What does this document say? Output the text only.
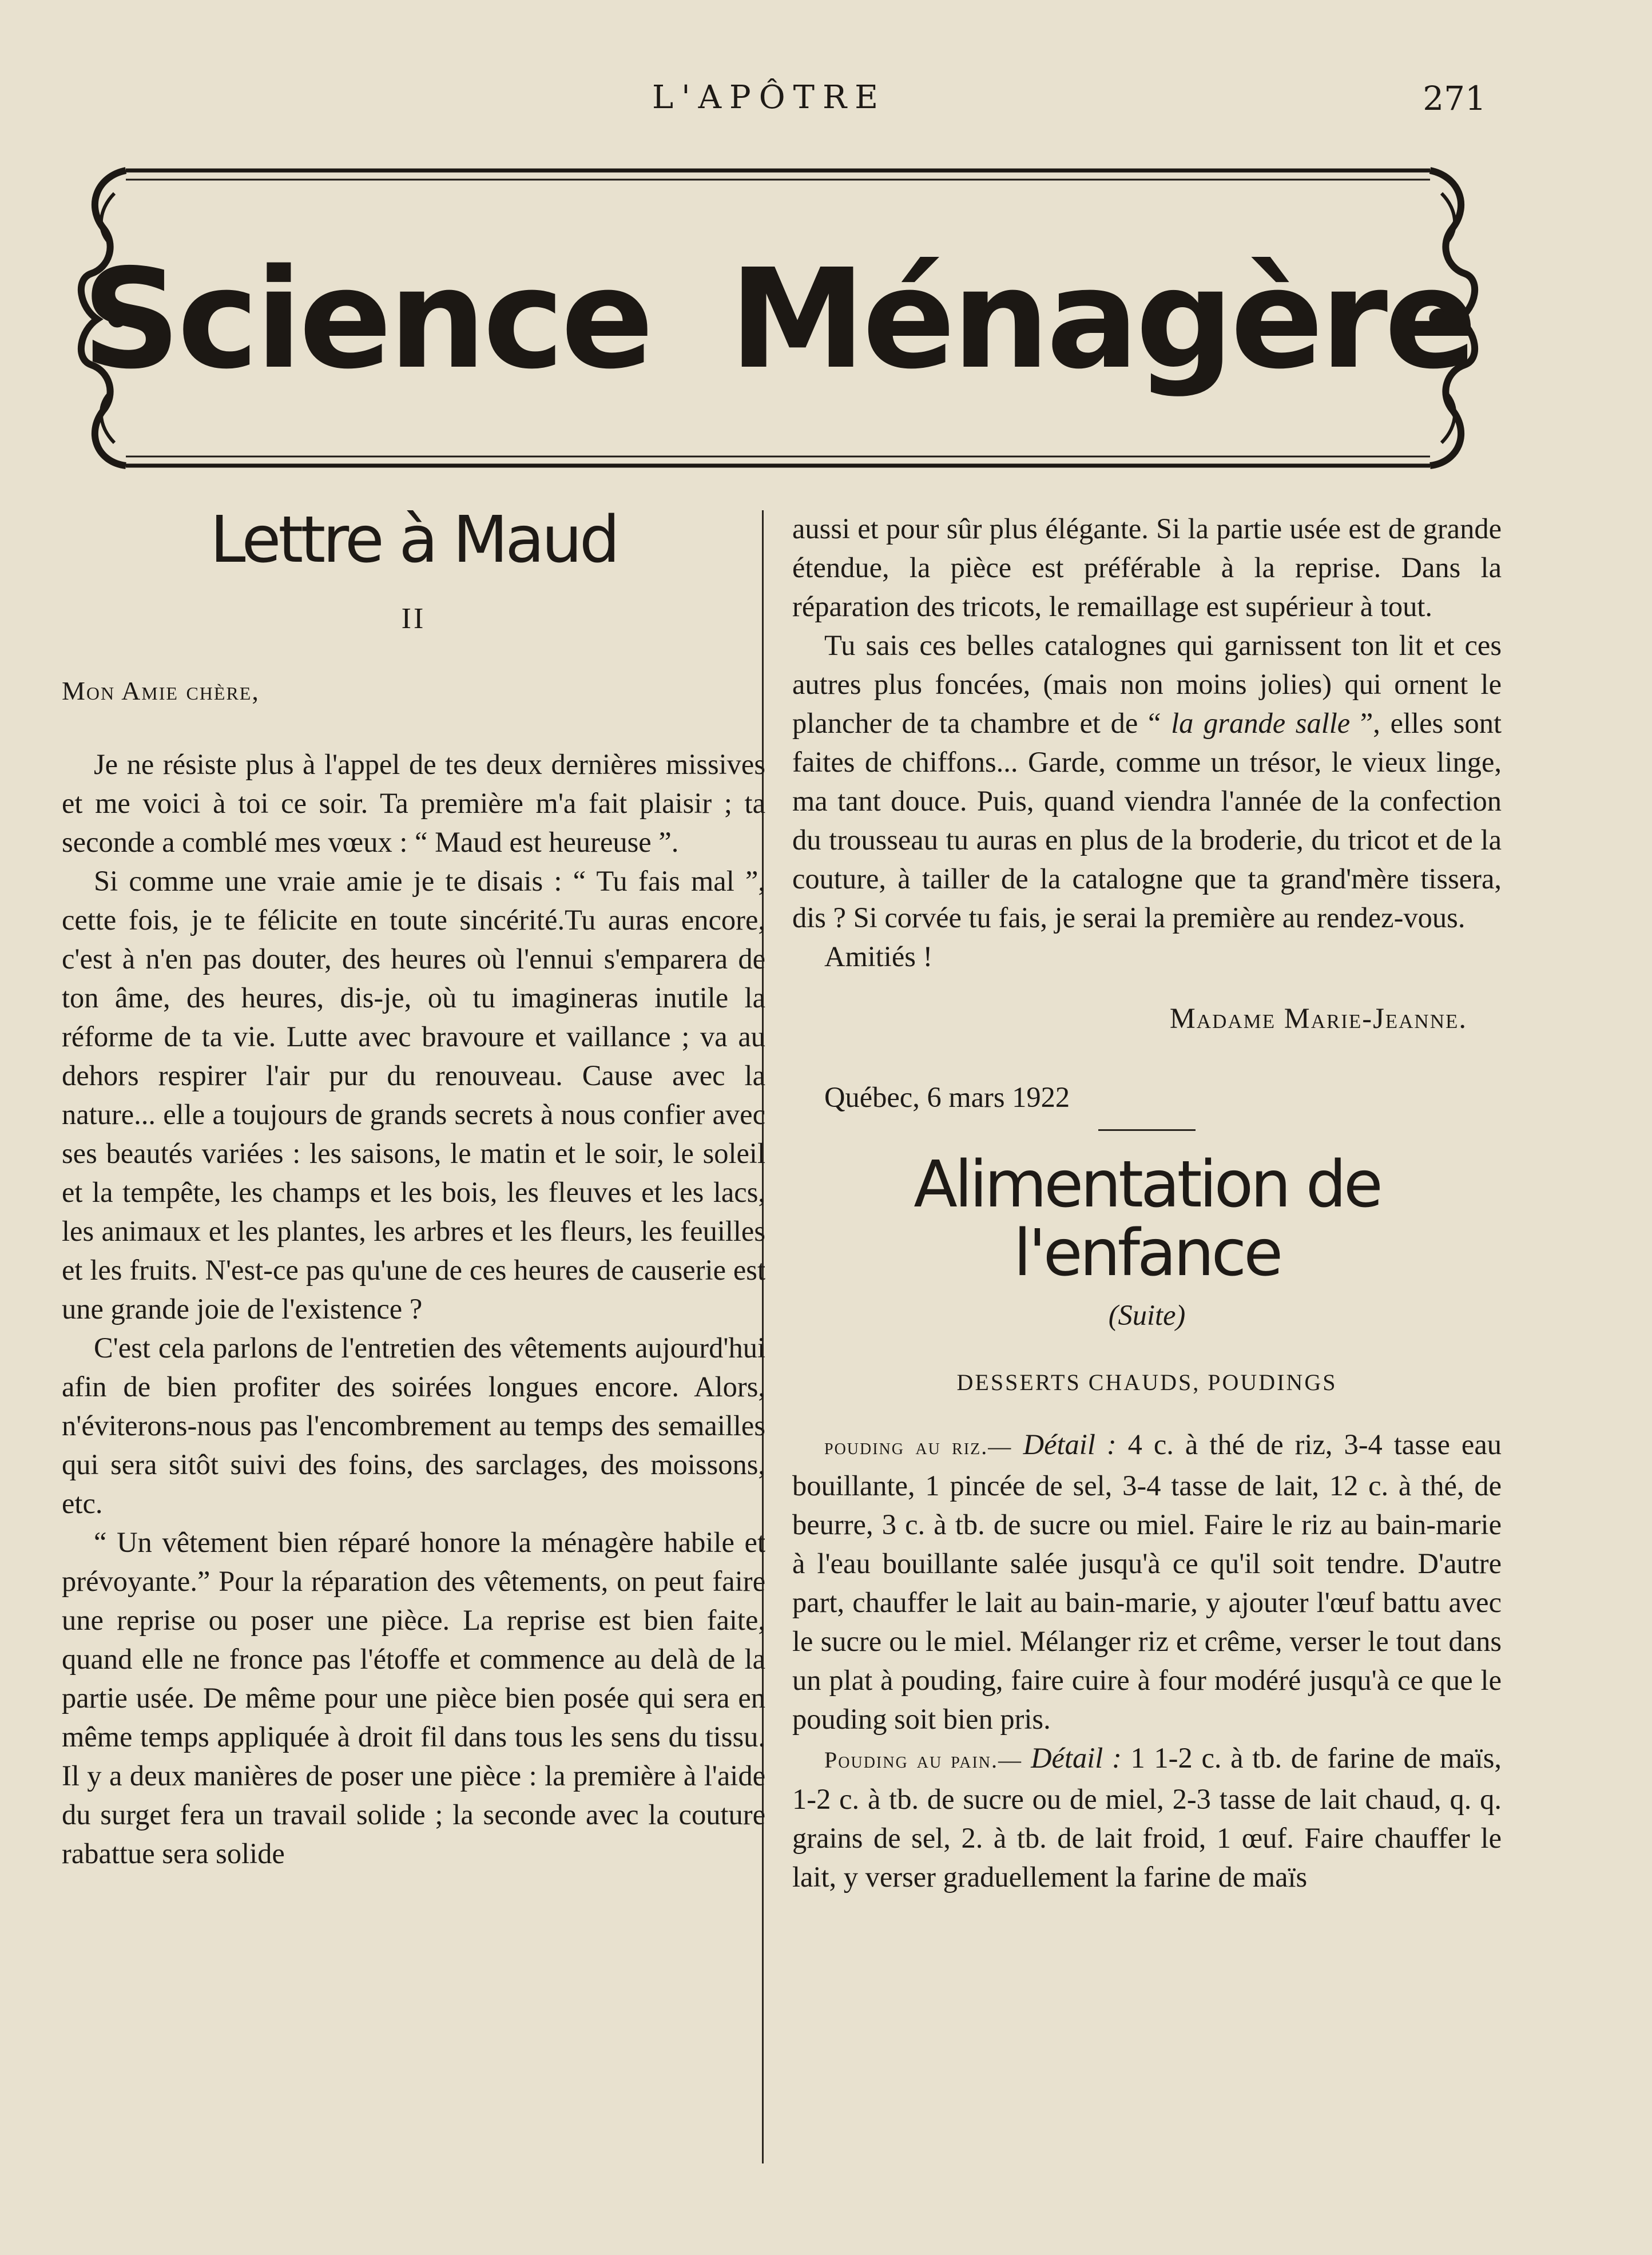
L'APÔTRE	271
Science Ménagère

Lettre à Maud

II

Mon Amie chère,

Je ne résiste plus à l'appel de tes deux dernières missives et me voici à toi ce soir. Ta première m'a fait plaisir ; ta seconde a comblé mes vœux : “ Maud est heureuse ”.

Si comme une vraie amie je te disais : “ Tu fais mal ”, cette fois, je te félicite en toute sincérité.Tu auras encore, c'est à n'en pas douter, des heures où l'ennui s'emparera de ton âme, des heures, dis-je, où tu imagineras inutile la réforme de ta vie. Lutte avec bravoure et vaillance ; va au dehors respirer l'air pur du renouveau. Cause avec la nature... elle a toujours de grands secrets à nous confier avec ses beautés variées : les saisons, le matin et le soir, le soleil et la tempête, les champs et les bois, les fleuves et les lacs, les animaux et les plantes, les arbres et les fleurs, les feuilles et les fruits. N'est-ce pas qu'une de ces heures de causerie est une grande joie de l'existence ?

C'est cela parlons de l'entretien des vêtements aujourd'hui afin de bien profiter des soirées longues encore. Alors, n'éviterons-nous pas l'encombrement au temps des semailles qui sera sitôt suivi des foins, des sarclages, des moissons, etc.

“ Un vêtement bien réparé honore la ménagère habile et prévoyante.” Pour la réparation des vêtements, on peut faire une reprise ou poser une pièce. La reprise est bien faite, quand elle ne fronce pas l'étoffe et commence au delà de la partie usée. De même pour une pièce bien posée qui sera en même temps appliquée à droit fil dans tous les sens du tissu. Il y a deux manières de poser une pièce : la première à l'aide du surget fera un travail solide ; la seconde avec la couture rabattue sera solide

aussi et pour sûr plus élégante. Si la partie usée est de grande étendue, la pièce est préférable à la reprise. Dans la réparation des tricots, le remaillage est supérieur à tout.

Tu sais ces belles catalognes qui garnissent ton lit et ces autres plus foncées, (mais non moins jolies) qui ornent le plancher de ta chambre et de “ la grande salle ”, elles sont faites de chiffons... Garde, comme un trésor, le vieux linge, ma tant douce. Puis, quand viendra l'année de la confection du trousseau tu auras en plus de la broderie, du tricot et de la couture, à tailler de la catalogne que ta grand'mère tissera, dis ? Si corvée tu fais, je serai la première au rendez-vous.

Amitiés !

Madame Marie-Jeanne.

Québec, 6 mars 1922

Alimentation de l'enfance

(Suite)

DESSERTS CHAUDS, POUDINGS

pouding au riz.— Détail : 4 c. à thé de riz, 3-4 tasse eau bouillante, 1 pincée de sel, 3-4 tasse de lait, 12 c. à thé, de beurre, 3 c. à tb. de sucre ou miel. Faire le riz au bain-marie à l'eau bouillante salée jusqu'à ce qu'il soit tendre. D'autre part, chauffer le lait au bain-marie, y ajouter l'œuf battu avec le sucre ou le miel. Mélanger riz et crême, verser le tout dans un plat à pouding, faire cuire à four modéré jusqu'à ce que le pouding soit bien pris.

Pouding au pain.— Détail : 1 1-2 c. à tb. de farine de maïs, 1-2 c. à tb. de sucre ou de miel, 2-3 tasse de lait chaud, q. q. grains de sel, 2. à tb. de lait froid, 1 œuf. Faire chauffer le lait, y verser graduellement la farine de maïs
